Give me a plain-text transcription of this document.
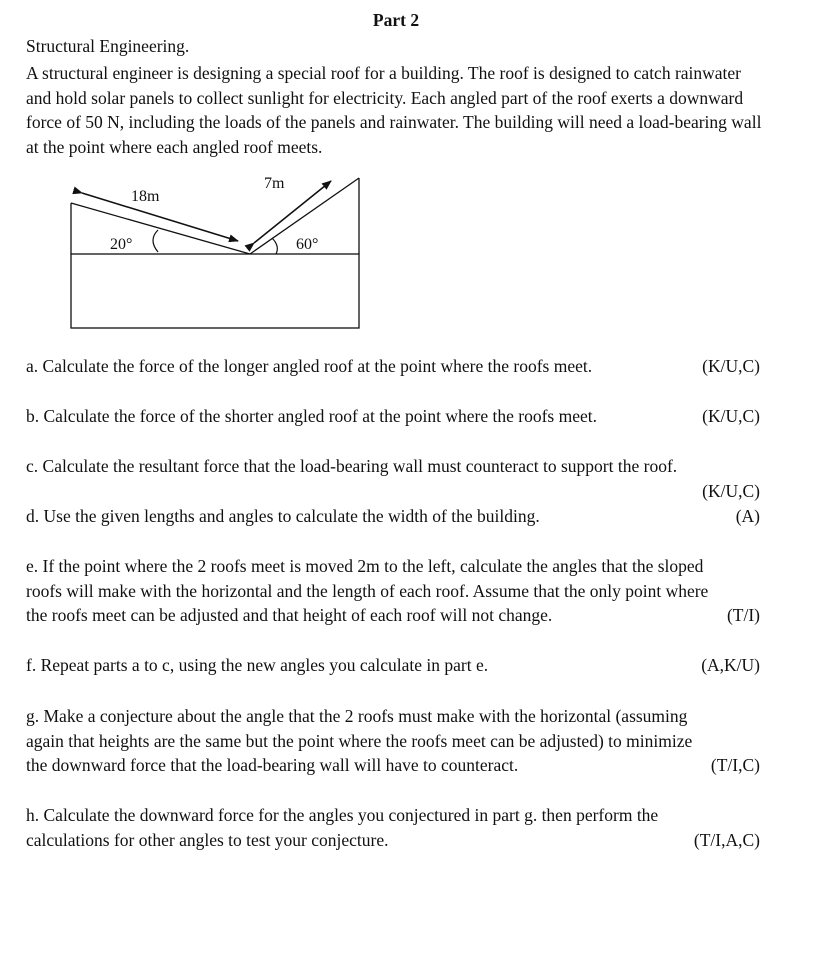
Part 2
Structural Engineering.
A structural engineer is designing a special roof for a building. The roof is designed to catch rainwater and hold solar panels to collect sunlight for electricity. Each angled part of the roof exerts a downward force of 50 N, including the loads of the panels and rainwater. The building will need a load-bearing wall at the point where each angled roof meets.
18m
7m
20°	60°
a. Calculate the force of the longer angled roof at the point where the roofs meet.	(K/U,C)
b. Calculate the force of the shorter angled roof at the point where the roofs meet.	(K/U,C)
c. Calculate the resultant force that the load-bearing wall must counteract to support the roof.
(K/U,C)
d. Use the given lengths and angles to calculate the width of the building.	(A)
(T/I)
e. If the point where the 2 roofs meet is moved 2m to the left, calculate the angles that the sloped roofs will make with the horizontal and the length of each roof. Assume that the only point where the roofs meet can be adjusted and that height of each roof will not change.
f. Repeat parts a to c, using the new angles you calculate in part e.	(A,K/U)
(T/I,C)
g. Make a conjecture about the angle that the 2 roofs must make with the horizontal (assuming again that heights are the same but the point where the roofs meet can be adjusted) to minimize the downward force that the load-bearing wall will have to counteract.
(T/I,A,C)
h. Calculate the downward force for the angles you conjectured in part g. then perform the calculations for other angles to test your conjecture.
